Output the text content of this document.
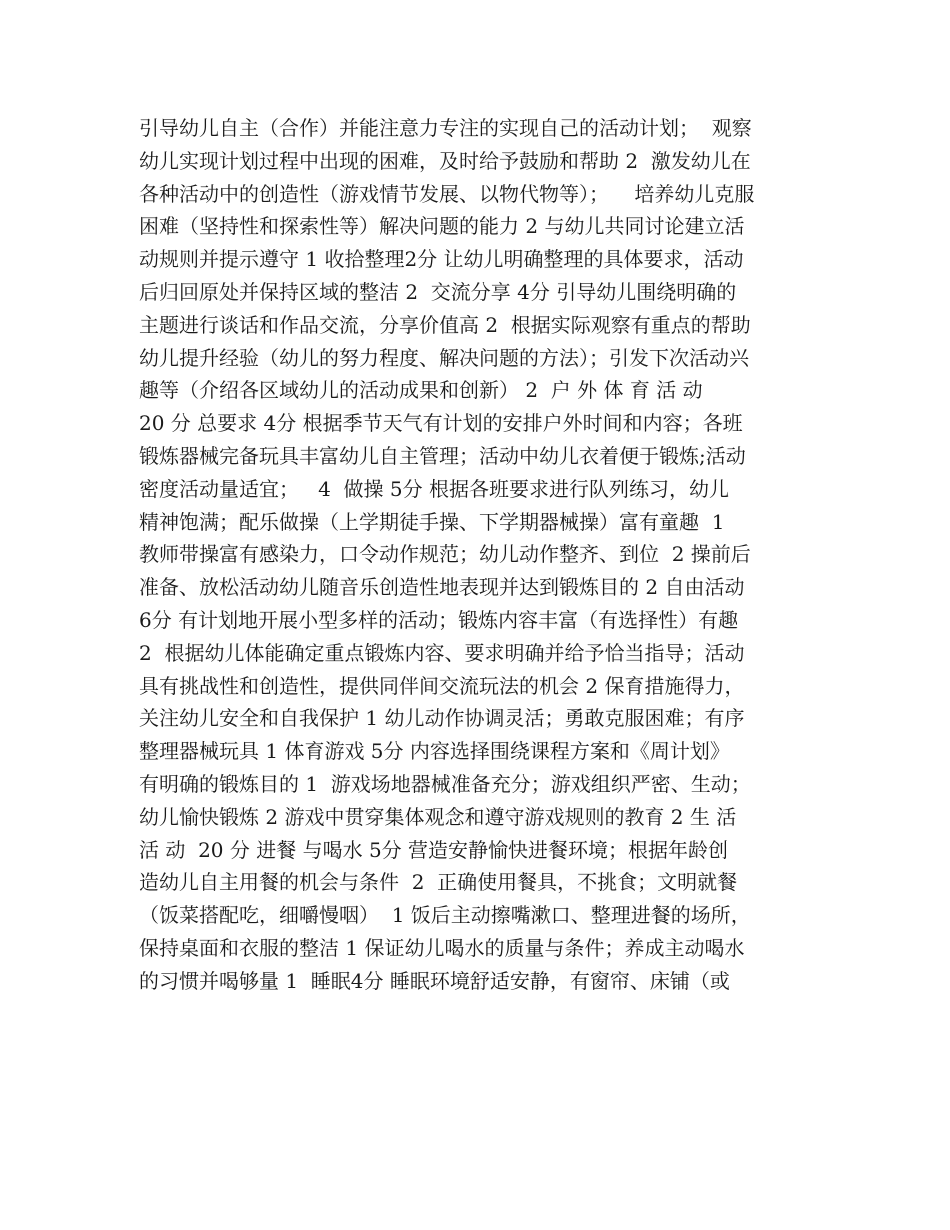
引导幼儿自主（合作）并能注意力专注的实现自己的活动计划；  观察
幼儿实现计划过程中出现的困难，及时给予鼓励和帮助 2  激发幼儿在
各种活动中的创造性（游戏情节发展、以物代物等）；    培养幼儿克服
困难（坚持性和探索性等）解决问题的能力 2 与幼儿共同讨论建立活
动规则并提示遵守 1 收拾整理2分 让幼儿明确整理的具体要求，活动
后归回原处并保持区域的整洁 2  交流分享 4分 引导幼儿围绕明确的
主题进行谈话和作品交流，分享价值高 2  根据实际观察有重点的帮助
幼儿提升经验（幼儿的努力程度、解决问题的方法）；引发下次活动兴
趣等（介绍各区域幼儿的活动成果和创新） 2  户 外 体 育 活 动
20 分 总要求 4分 根据季节天气有计划的安排户外时间和内容；各班
锻炼器械完备玩具丰富幼儿自主管理；活动中幼儿衣着便于锻炼;活动
密度活动量适宜；   4  做操 5分 根据各班要求进行队列练习，幼儿
精神饱满；配乐做操（上学期徒手操、下学期器械操）富有童趣  1
教师带操富有感染力，口令动作规范；幼儿动作整齐、到位  2 操前后
准备、放松活动幼儿随音乐创造性地表现并达到锻炼目的 2 自由活动
6分 有计划地开展小型多样的活动；锻炼内容丰富（有选择性）有趣
2  根据幼儿体能确定重点锻炼内容、要求明确并给予恰当指导；活动
具有挑战性和创造性，提供同伴间交流玩法的机会 2 保育措施得力，
关注幼儿安全和自我保护 1 幼儿动作协调灵活；勇敢克服困难；有序
整理器械玩具 1 体育游戏 5分 内容选择围绕课程方案和《周计划》
有明确的锻炼目的 1  游戏场地器械准备充分；游戏组织严密、生动；
幼儿愉快锻炼 2 游戏中贯穿集体观念和遵守游戏规则的教育 2 生 活
活 动  20 分 进餐 与喝水 5分 营造安静愉快进餐环境；根据年龄创
造幼儿自主用餐的机会与条件  2  正确使用餐具，不挑食；文明就餐
（饭菜搭配吃，细嚼慢咽）  1 饭后主动擦嘴漱口、整理进餐的场所，
保持桌面和衣服的整洁 1 保证幼儿喝水的质量与条件；养成主动喝水
的习惯并喝够量 1  睡眠4分 睡眠环境舒适安静，有窗帘、床铺（或
